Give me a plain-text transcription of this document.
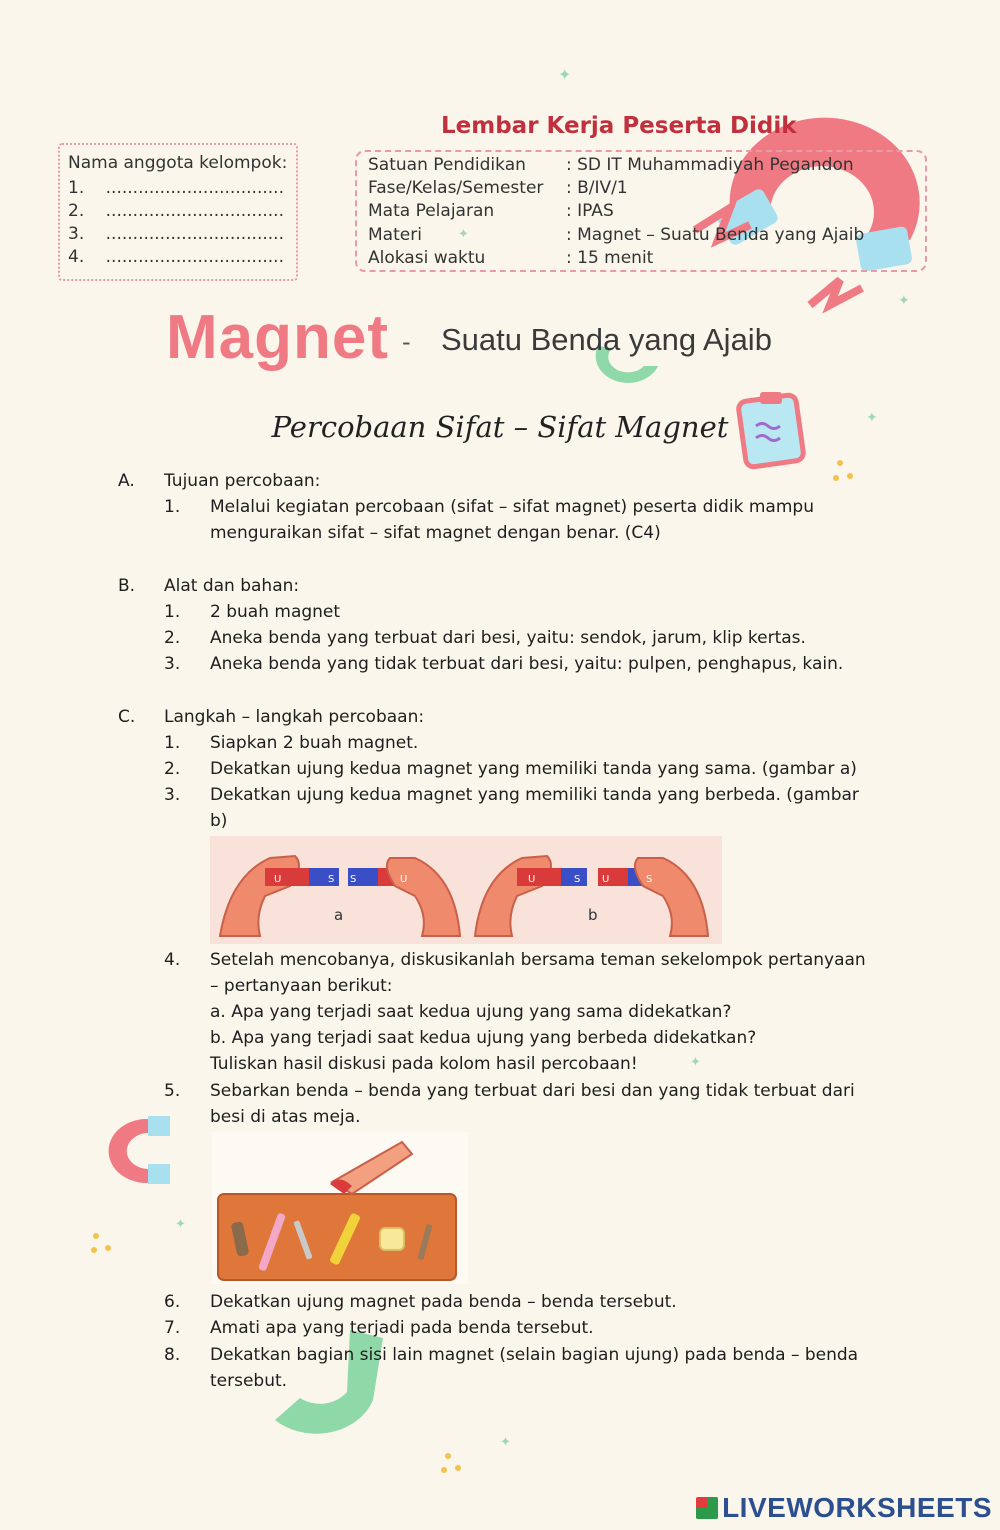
Lembar Kerja Peserta Didik
Nama anggota kelompok:
1. .................................
2. .................................
3. .................................
4. .................................
Satuan Pendidikan : SD IT Muhammadiyah Pegandon
Fase/Kelas/Semester : B/IV/1
Mata Pelajaran	: IPAS
Materi	: Magnet – Suatu Benda yang Ajaib
Alokasi waktu	: 15 menit
Magnet - Suatu Benda yang Ajaib
Percobaan Sifat – Sifat Magnet
A. Tujuan percobaan:
1. Melalui kegiatan percobaan (sifat – sifat magnet) peserta didik mampu
menguraikan sifat – sifat magnet dengan benar. (C4)
B. Alat dan bahan:
1. 2 buah magnet
2. Aneka benda yang terbuat dari besi, yaitu: sendok, jarum, klip kertas.
3. Aneka benda yang tidak terbuat dari besi, yaitu: pulpen, penghapus, kain.
C. Langkah – langkah percobaan:
1. Siapkan 2 buah magnet.
2. Dekatkan ujung kedua magnet yang memiliki tanda yang sama. (gambar a)
3. Dekatkan ujung kedua magnet yang memiliki tanda yang berbeda. (gambar
b)
U	S S	U	U	S U	S
a	b
4. Setelah mencobanya, diskusikanlah bersama teman sekelompok pertanyaan
– pertanyaan berikut:
a. Apa yang terjadi saat kedua ujung yang sama didekatkan?
b. Apa yang terjadi saat kedua ujung yang berbeda didekatkan?
Tuliskan hasil diskusi pada kolom hasil percobaan!
5. Sebarkan benda – benda yang terbuat dari besi dan yang tidak terbuat dari
besi di atas meja.
6. Dekatkan ujung magnet pada benda – benda tersebut.
7. Amati apa yang terjadi pada benda tersebut.
8. Dekatkan bagian sisi lain magnet (selain bagian ujung) pada benda – benda
tersebut.
✦
✦
✦
✦
✦
✦
✦
LIVEWORKSHEETS
